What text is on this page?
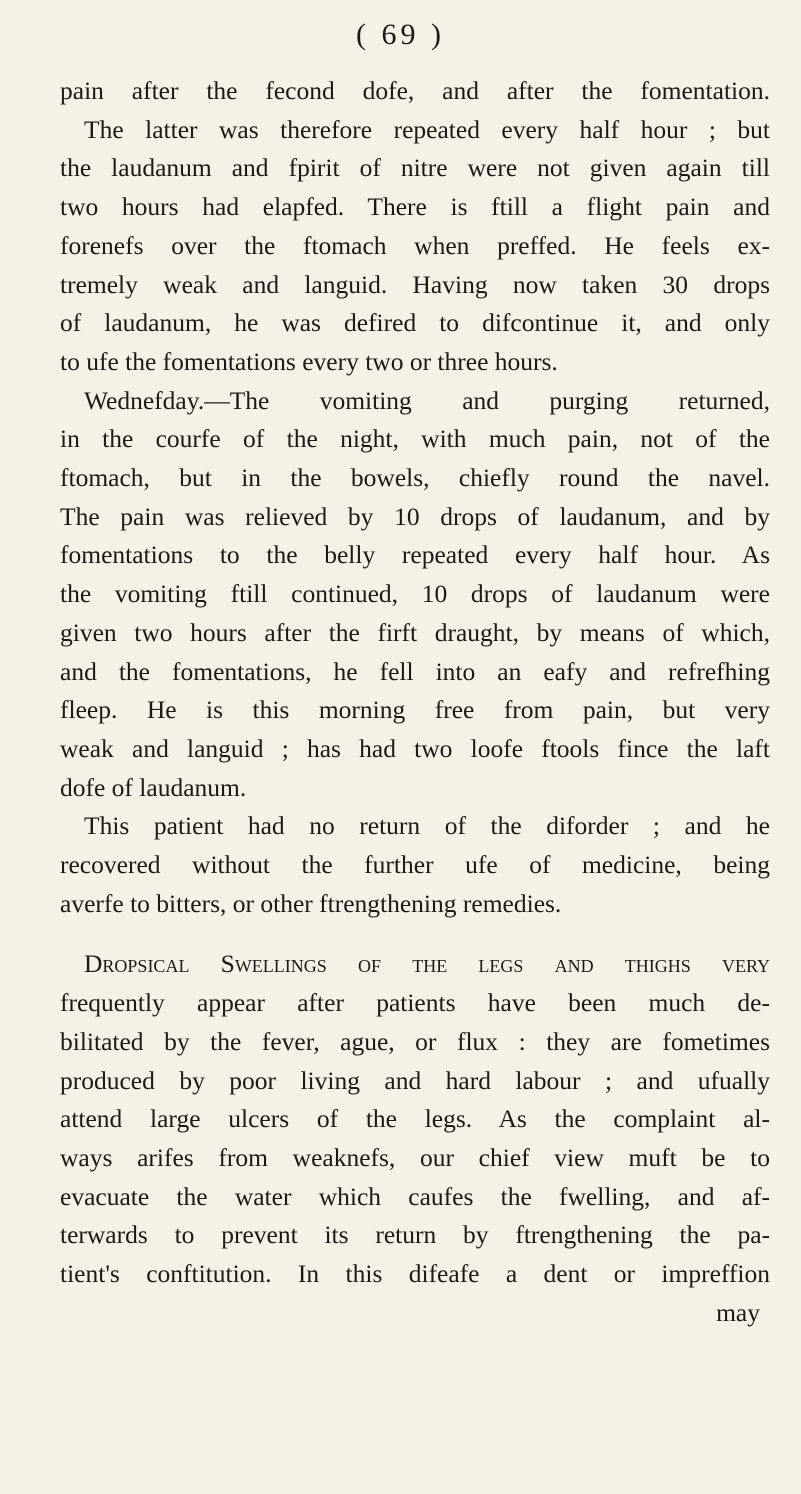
( 69 )
pain after the fecond dofe, and after the fomentation.
The latter was therefore repeated every half hour ; but
the laudanum and fpirit of nitre were not given again till
two hours had elapfed. There is ftill a flight pain and
forenefs over the ftomach when preffed. He feels ex-
tremely weak and languid. Having now taken 30 drops
of laudanum, he was defired to difcontinue it, and only
to ufe the fomentations every two or three hours.
Wednefday.—The vomiting and purging returned,
in the courfe of the night, with much pain, not of the
ftomach, but in the bowels, chiefly round the navel.
The pain was relieved by 10 drops of laudanum, and by
fomentations to the belly repeated every half hour. As
the vomiting ftill continued, 10 drops of laudanum were
given two hours after the firft draught, by means of which,
and the fomentations, he fell into an eafy and refrefhing
fleep. He is this morning free from pain, but very
weak and languid ; has had two loofe ftools fince the laft
dofe of laudanum.
This patient had no return of the diforder ; and he
recovered without the further ufe of medicine, being
averfe to bitters, or other ftrengthening remedies.
Dropsical Swellings of the legs and thighs very
frequently appear after patients have been much de-
bilitated by the fever, ague, or flux : they are fometimes
produced by poor living and hard labour ; and ufually
attend large ulcers of the legs. As the complaint al-
ways arifes from weaknefs, our chief view muft be to
evacuate the water which caufes the fwelling, and af-
terwards to prevent its return by ftrengthening the pa-
tient's conftitution. In this difeafe a dent or impreffion
may
